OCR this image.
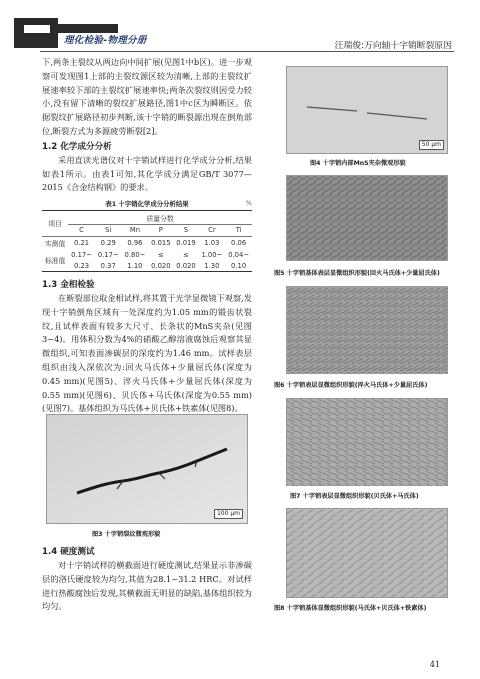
理化检验-物理分册	汪瑞俊:万向轴十字销断裂原因

下,两条主裂纹从两边向中间扩展(见图1中b区)。进一步观察可发现图1上部的主裂纹源区较为清晰,上部的主裂纹扩展速率较下部的主裂纹扩展速率快;两条次裂纹则因受力较小,没有留下清晰的裂纹扩展路径,图1中c区为瞬断区。依据裂纹扩展路径初步判断,该十字销的断裂源出现在倒角部位,断裂方式为多源疲劳断裂[2]。

1.2 化学成分分析

采用直读光谱仪对十字销试样进行化学成分分析,结果如表1所示。由表1可知,其化学成分满足GB/T 3077—2015《合金结构钢》的要求。

表1 十字销化学成分分析结果	%
项目	质量分数						
	C	Si	Mn	P	S	Cr	Ti
实测值	0.21	0.29	0.96	0.015	0.019	1.03	0.06
标准值	0.17~	0.17~	0.80~	≤	≤	1.00~	0.04~
	0.23	0.37	1.10	0.020	0.020	1.30	0.10

1.3 金相检验

在断裂部位取金相试样,将其置于光学显微镜下观察,发现十字销倒角区域有一处深度约为1.05 mm的锻齿状裂纹,且试样表面有较多大尺寸、长条状的MnS夹杂(见图3~4)。用体积分数为4%的硝酸乙醇溶液腐蚀后观察其显微组织,可知表面渗碳层的深度约为1.46 mm。试样表层组织由浅入深依次为:回火马氏体+少量屈氏体(深度为0.45 mm)(见图5)、淬火马氏体+少量屈氏体(深度为0.55 mm)(见图6)、贝氏体+马氏体(深度为0.55 mm)(见图7)。基体组织为马氏体+贝氏体+铁素体(见图8)。

100 μm
图3 十字销裂纹微观形貌

1.4 硬度测试

对十字销试样的横截面进行硬度测试,结果显示非渗碳层的洛氏硬度较为均匀,其值为28.1~31.2 HRC。对试样进行热酸腐蚀后发现,其横截面无明显的缺陷,基体组织较为均匀。

50 μm
图4 十字销内部MnS夹杂微观形貌
图5 十字销基体表层显微组织形貌(回火马氏体+少量屈氏体)
图6 十字销表层显微组织形貌(淬火马氏体+少量屈氏体)
图7 十字销表层显微组织形貌(贝氏体+马氏体)
图8 十字销基体显微组织形貌(马氏体+贝氏体+铁素体)
41
